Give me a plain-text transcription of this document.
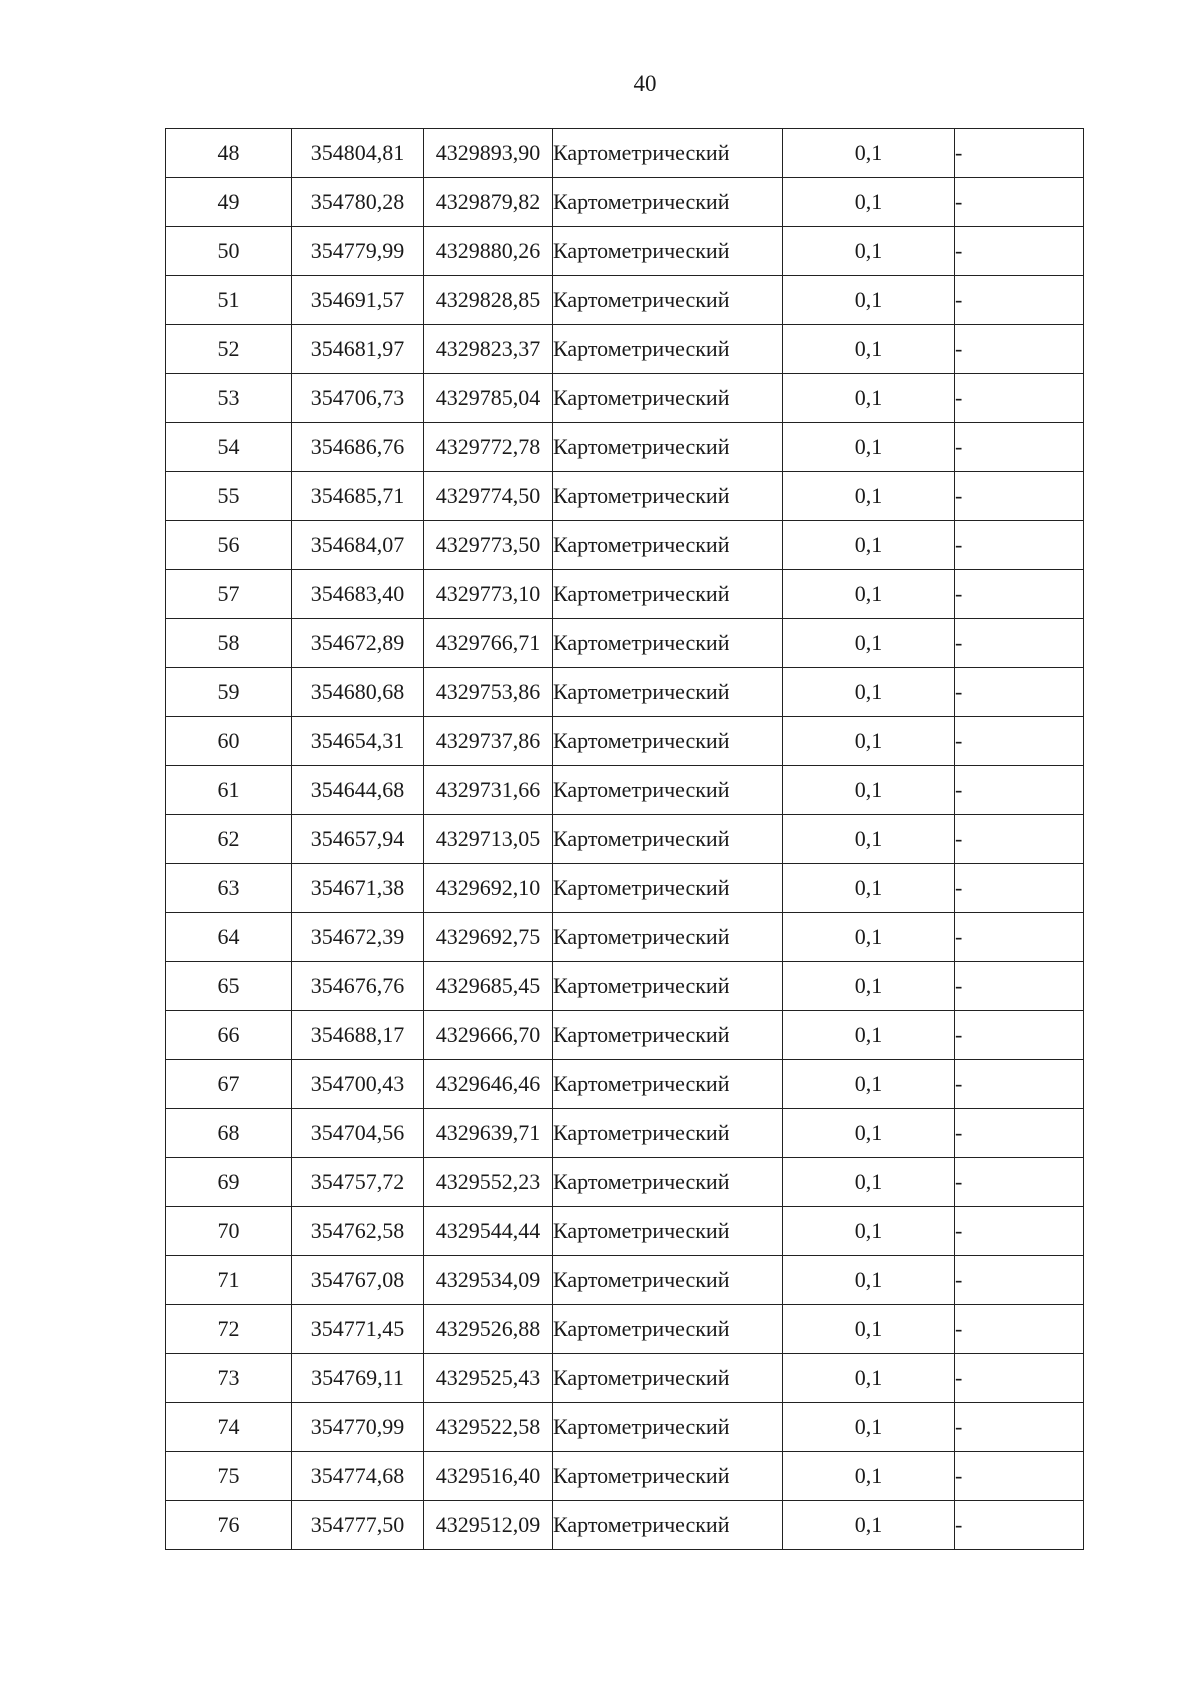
40
48	354804,81	4329893,90	Картометрический	0,1	-
49	354780,28	4329879,82	Картометрический	0,1	-
50	354779,99	4329880,26	Картометрический	0,1	-
51	354691,57	4329828,85	Картометрический	0,1	-
52	354681,97	4329823,37	Картометрический	0,1	-
53	354706,73	4329785,04	Картометрический	0,1	-
54	354686,76	4329772,78	Картометрический	0,1	-
55	354685,71	4329774,50	Картометрический	0,1	-
56	354684,07	4329773,50	Картометрический	0,1	-
57	354683,40	4329773,10	Картометрический	0,1	-
58	354672,89	4329766,71	Картометрический	0,1	-
59	354680,68	4329753,86	Картометрический	0,1	-
60	354654,31	4329737,86	Картометрический	0,1	-
61	354644,68	4329731,66	Картометрический	0,1	-
62	354657,94	4329713,05	Картометрический	0,1	-
63	354671,38	4329692,10	Картометрический	0,1	-
64	354672,39	4329692,75	Картометрический	0,1	-
65	354676,76	4329685,45	Картометрический	0,1	-
66	354688,17	4329666,70	Картометрический	0,1	-
67	354700,43	4329646,46	Картометрический	0,1	-
68	354704,56	4329639,71	Картометрический	0,1	-
69	354757,72	4329552,23	Картометрический	0,1	-
70	354762,58	4329544,44	Картометрический	0,1	-
71	354767,08	4329534,09	Картометрический	0,1	-
72	354771,45	4329526,88	Картометрический	0,1	-
73	354769,11	4329525,43	Картометрический	0,1	-
74	354770,99	4329522,58	Картометрический	0,1	-
75	354774,68	4329516,40	Картометрический	0,1	-
76	354777,50	4329512,09	Картометрический	0,1	-
